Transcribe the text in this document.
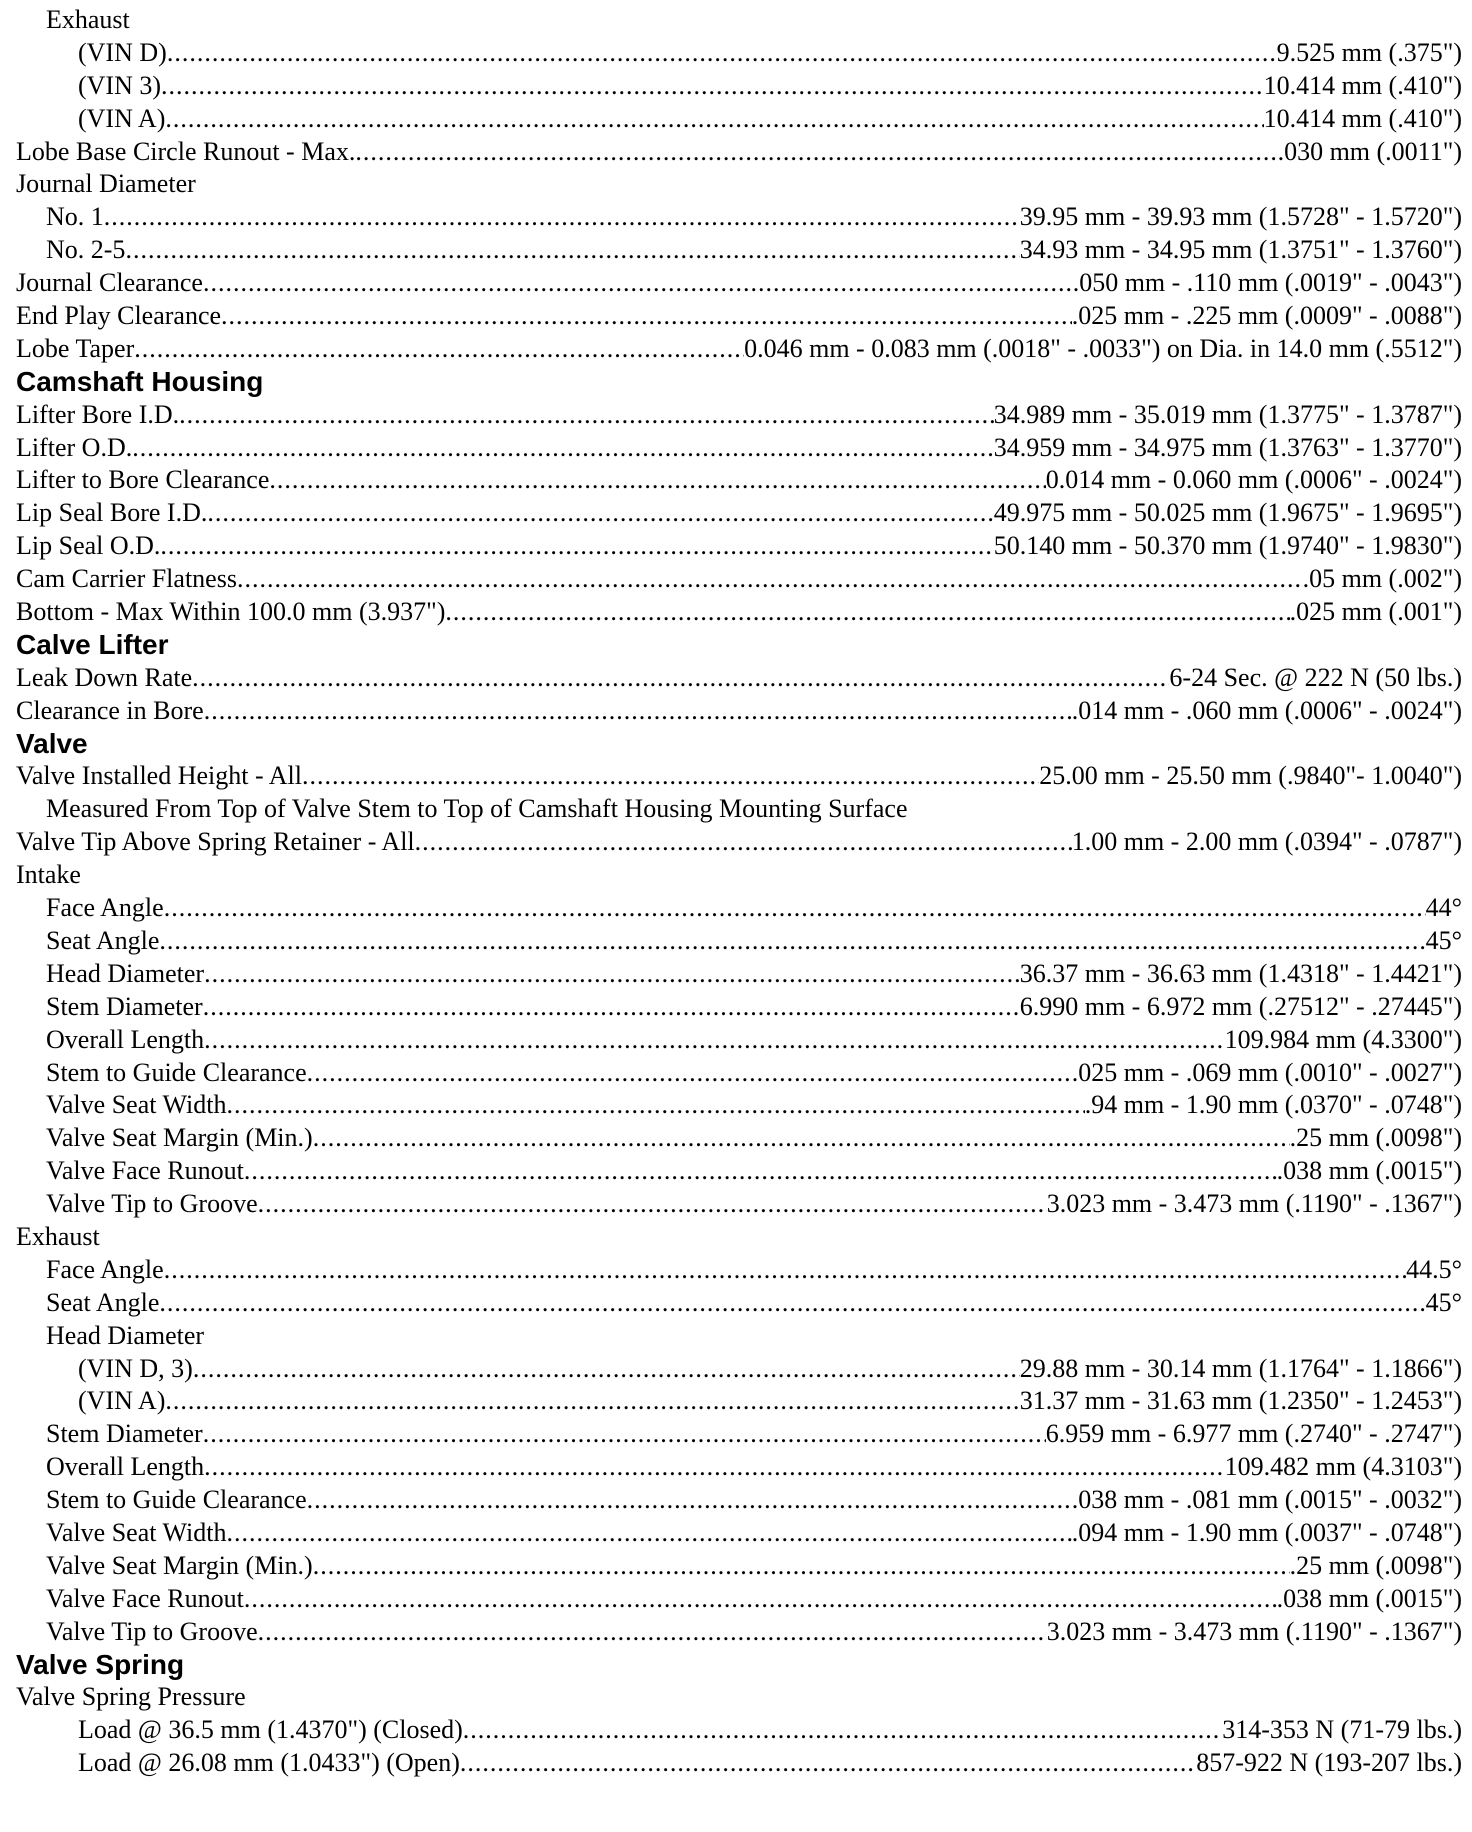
Exhaust
(VIN D) .....	9.525 mm (.375")
(VIN 3) .....	10.414 mm (.410")
(VIN A) .....	10.414 mm (.410")
Lobe Base Circle Runout - Max. .....	.030 mm (.0011")
Journal Diameter
No. 1 .....	39.95 mm - 39.93 mm (1.5728" - 1.5720")
No. 2-5 .....	34.93 mm - 34.95 mm (1.3751" - 1.3760")
Journal Clearance .....	.050 mm - .110 mm (.0019" - .0043")
End Play Clearance .....	.025 mm - .225 mm (.0009" - .0088")
Lobe Taper .....	0.046 mm - 0.083 mm (.0018" - .0033") on Dia. in 14.0 mm (.5512")
Camshaft Housing
Lifter Bore I.D. .....	34.989 mm - 35.019 mm (1.3775" - 1.3787")
Lifter O.D. .....	34.959 mm - 34.975 mm (1.3763" - 1.3770")
Lifter to Bore Clearance .....	0.014 mm - 0.060 mm (.0006" - .0024")
Lip Seal Bore I.D. .....	49.975 mm - 50.025 mm (1.9675" - 1.9695")
Lip Seal O.D. .....	50.140 mm - 50.370 mm (1.9740" - 1.9830")
Cam Carrier Flatness .....	.05 mm (.002")
Bottom - Max Within 100.0 mm (3.937") .....	.025 mm (.001")
Calve Lifter
Leak Down Rate .....	6-24 Sec. @ 222 N (50 lbs.)
Clearance in Bore .....	.014 mm - .060 mm (.0006" - .0024")
Valve
Valve Installed Height - All .....	25.00 mm - 25.50 mm (.9840"- 1.0040")
Measured From Top of Valve Stem to Top of Camshaft Housing Mounting Surface
Valve Tip Above Spring Retainer - All .....	1.00 mm - 2.00 mm (.0394" - .0787")
Intake
Face Angle .....	44°
Seat Angle .....	45°
Head Diameter .....	36.37 mm - 36.63 mm (1.4318" - 1.4421")
Stem Diameter .....	6.990 mm - 6.972 mm (.27512" - .27445")
Overall Length .....	109.984 mm (4.3300")
Stem to Guide Clearance .....	.025 mm - .069 mm (.0010" - .0027")
Valve Seat Width .....	.94 mm - 1.90 mm (.0370" - .0748")
Valve Seat Margin (Min.) .....	.25 mm (.0098")
Valve Face Runout .....	.038 mm (.0015")
Valve Tip to Groove .....	3.023 mm - 3.473 mm (.1190" - .1367")
Exhaust
Face Angle .....	44.5°
Seat Angle .....	45°
Head Diameter
(VIN D, 3) .....	29.88 mm - 30.14 mm (1.1764" - 1.1866")
(VIN A) .....	31.37 mm - 31.63 mm (1.2350" - 1.2453")
Stem Diameter .....	6.959 mm - 6.977 mm (.2740" - .2747")
Overall Length .....	109.482 mm (4.3103")
Stem to Guide Clearance .....	.038 mm - .081 mm (.0015" - .0032")
Valve Seat Width .....	.094 mm - 1.90 mm (.0037" - .0748")
Valve Seat Margin (Min.) .....	.25 mm (.0098")
Valve Face Runout .....	.038 mm (.0015")
Valve Tip to Groove .....	3.023 mm - 3.473 mm (.1190" - .1367")
Valve Spring
Valve Spring Pressure
Load @ 36.5 mm (1.4370") (Closed) .....	314-353 N (71-79 lbs.)
Load @ 26.08 mm (1.0433") (Open) .....	857-922 N (193-207 lbs.)
